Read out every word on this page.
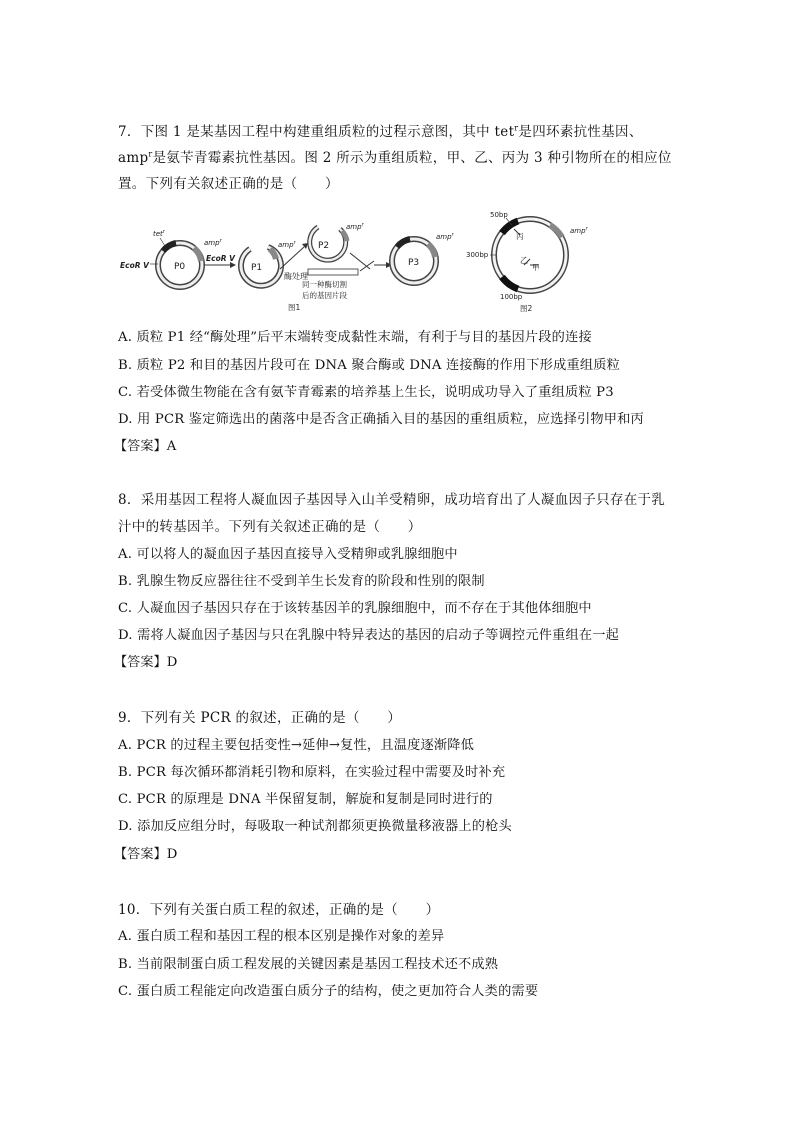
7．下图 1 是某基因工程中构建重组质粒的过程示意图，其中 tet$^r$是四环素抗性基因、
amp$^r$是氨苄青霉素抗性基因。图 2 所示为重组质粒，甲、乙、丙为 3 种引物所在的相应位
置。下列有关叙述正确的是（　　）
P0
tet$^r$
amp$^r$
EcoR V
EcoR V
P1
amp$^r$
酶处理
P2
amp$^r$
同一种酶切割
后的基因片段
图1
P3
amp$^r$
50bp
300bp
100bp
丙
乙
甲
amp$^r$
图2
A. 质粒 P1 经“酶处理”后平末端转变成黏性末端，有利于与目的基因片段的连接
B. 质粒 P2 和目的基因片段可在 DNA 聚合酶或 DNA 连接酶的作用下形成重组质粒
C. 若受体微生物能在含有氨苄青霉素的培养基上生长，说明成功导入了重组质粒 P3
D. 用 PCR 鉴定筛选出的菌落中是否含正确插入目的基因的重组质粒，应选择引物甲和丙
【答案】A
8．采用基因工程将人凝血因子基因导入山羊受精卵，成功培育出了人凝血因子只存在于乳
汁中的转基因羊。下列有关叙述正确的是（　　）
A. 可以将人的凝血因子基因直接导入受精卵或乳腺细胞中
B. 乳腺生物反应器往往不受到羊生长发育的阶段和性别的限制
C. 人凝血因子基因只存在于该转基因羊的乳腺细胞中，而不存在于其他体细胞中
D. 需将人凝血因子基因与只在乳腺中特异表达的基因的启动子等调控元件重组在一起
【答案】D
9．下列有关 PCR 的叙述，正确的是（　　）
A. PCR 的过程主要包括变性→延伸→复性，且温度逐渐降低
B. PCR 每次循环都消耗引物和原料，在实验过程中需要及时补充
C. PCR 的原理是 DNA 半保留复制，解旋和复制是同时进行的
D. 添加反应组分时，每吸取一种试剂都须更换微量移液器上的枪头
【答案】D
10．下列有关蛋白质工程的叙述，正确的是（　　）
A. 蛋白质工程和基因工程的根本区别是操作对象的差异
B. 当前限制蛋白质工程发展的关键因素是基因工程技术还不成熟
C. 蛋白质工程能定向改造蛋白质分子的结构，使之更加符合人类的需要
